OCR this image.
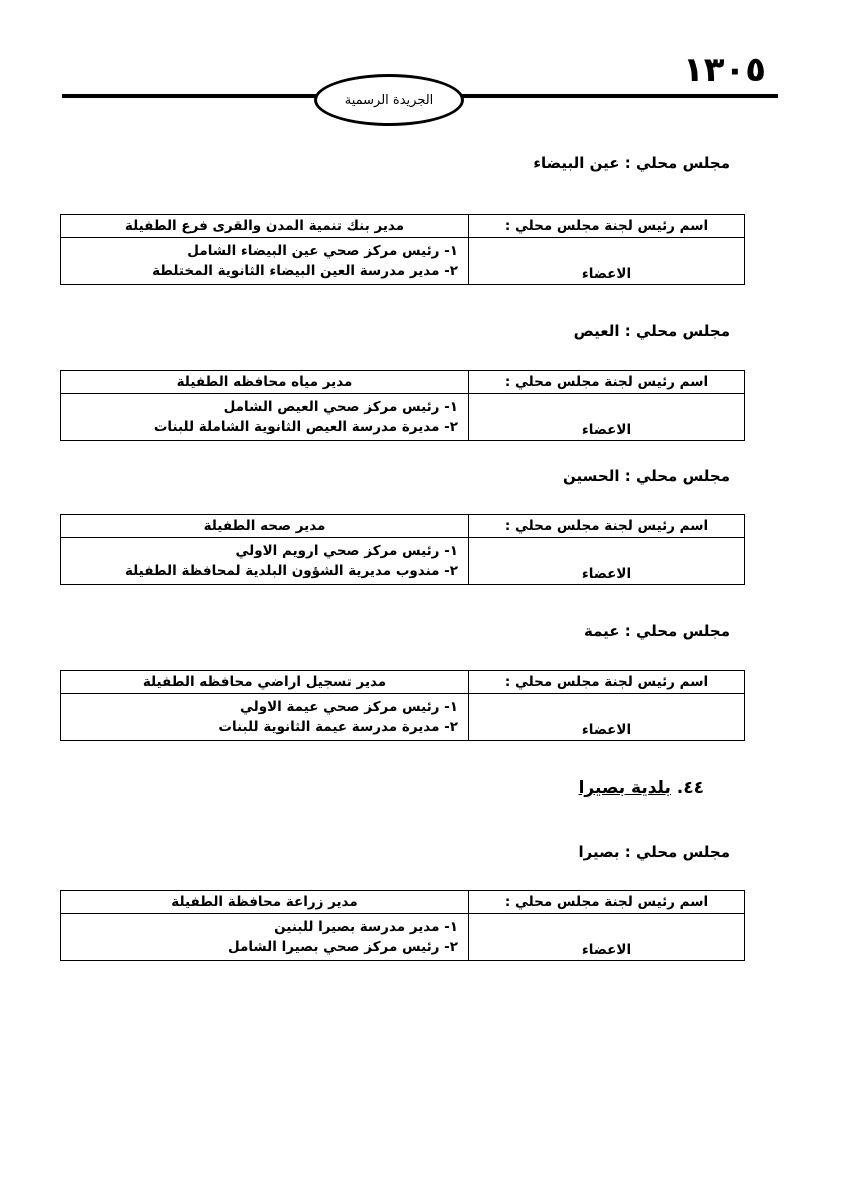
١٣٠٥
الجريدة الرسمية
مجلس محلي : عين البيضاء
اسم رئيس لجنة مجلس محلي :	مدير بنك تنمية المدن والقرى فرع الطفيلة
الاعضاء	١- رئيس مركز صحي عين البيضاء الشامل
٢- مدير مدرسة العين البيضاء الثانوية المختلطة
مجلس محلي : العيص
اسم رئيس لجنة مجلس محلي :	مدير مياه محافظه الطفيلة
الاعضاء	١- رئيس مركز صحي العيص الشامل
٢- مديرة مدرسة العيص الثانوية الشاملة للبنات
مجلس محلي : الحسين
اسم رئيس لجنة مجلس محلي :	مدير صحه الطفيلة
الاعضاء	١- رئيس مركز صحي ارويم الاولي
٢- مندوب مديرية الشؤون البلدية لمحافظة الطفيلة
مجلس محلي : عيمة
اسم رئيس لجنة مجلس محلي :	مدير تسجيل اراضي محافظه الطفيلة
الاعضاء	١- رئيس مركز صحي عيمة الاولي
٢- مديرة مدرسة عيمة الثانوية للبنات
٤٤. بلدية بصيرا
مجلس محلي : بصيرا
اسم رئيس لجنة مجلس محلي :	مدير زراعة محافظة الطفيلة
الاعضاء	١- مدير مدرسة بصيرا للبنين
٢- رئيس مركز صحي بصيرا الشامل
